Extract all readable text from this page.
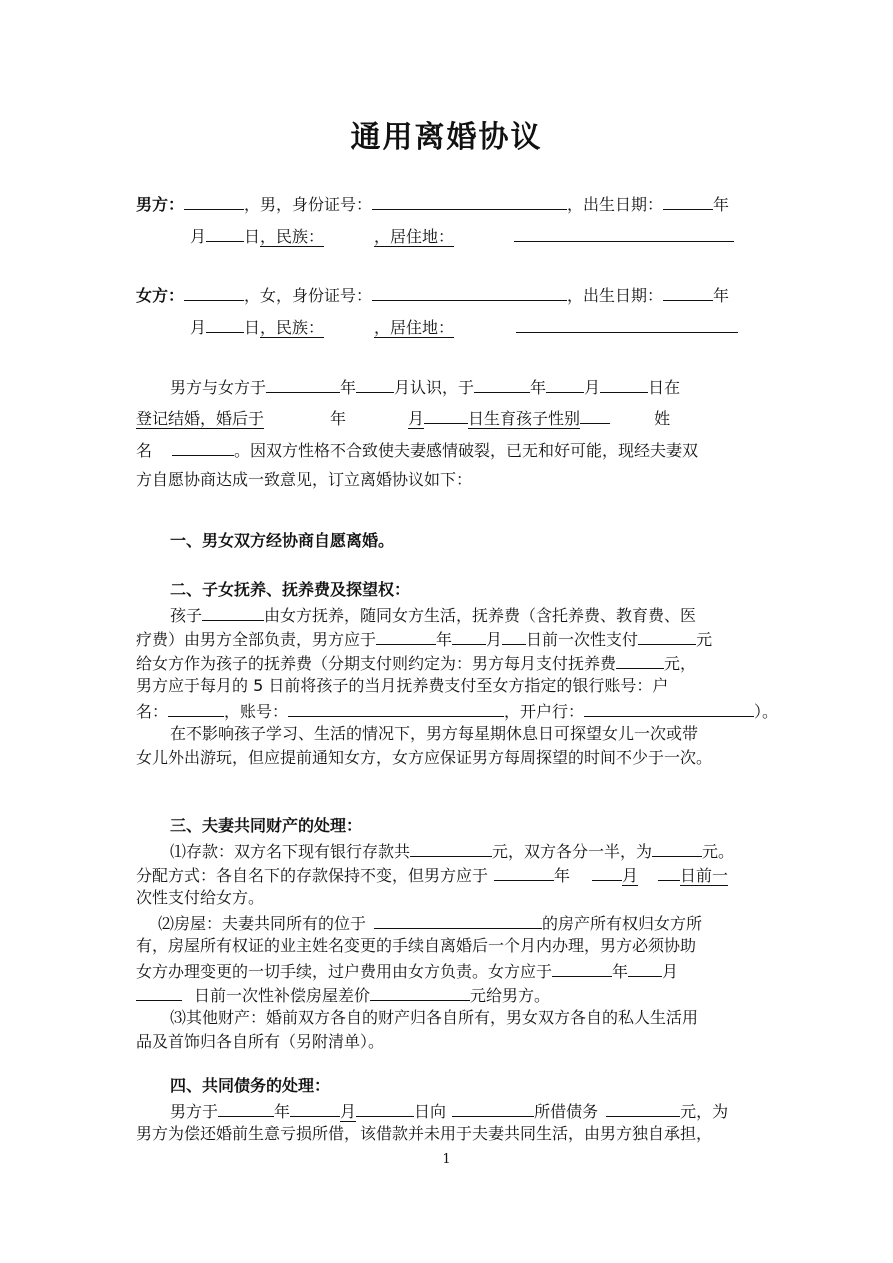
通用离婚协议
男方：	，男，身份证号：	，出生日期：	年
月 日，民族：	，居住地：
女方：	，女，身份证号：	，出生日期：	年
月 日，民族：	，居住地：
男方与女方于	年 月认识，于	年 月	日在
登记结婚，婚后于	年	月	日生育孩子性别	姓
名	。因双方性格不合致使夫妻感情破裂，已无和好可能，现经夫妻双
方自愿协商达成一致意见，订立离婚协议如下：
一、男女双方经协商自愿离婚。
二、子女抚养、抚养费及探望权：
孩子	由女方抚养，随同女方生活，抚养费（含托养费、教育费、医
疗费）由男方全部负责，男方应于	年 月 日前一次性支付	元
给女方作为孩子的抚养费（分期支付则约定为：男方每月支付抚养费	元，
男方应于每月的 5 日前将孩子的当月抚养费支付至女方指定的银行账号：户
名：	，账号：	，开户行：	）。
在不影响孩子学习、生活的情况下，男方每星期休息日可探望女儿一次或带
女儿外出游玩，但应提前通知女方，女方应保证男方每周探望的时间不少于一次。
三、夫妻共同财产的处理：
⑴存款：双方名下现有银行存款共	元，双方各分一半，为	元。
分配方式：各自名下的存款保持不变，但男方应于	年	月	日前一
次性支付给女方。
⑵房屋：夫妻共同所有的位于	的房产所有权归女方所
有，房屋所有权证的业主姓名变更的手续自离婚后一个月内办理，男方必须协助
女方办理变更的一切手续，过户费用由女方负责。女方应于	年 月
日前一次性补偿房屋差价	元给男方。
⑶其他财产：婚前双方各自的财产归各自所有，男女双方各自的私人生活用
品及首饰归各自所有（另附清单）。
四、共同债务的处理：
男方于	年	月	日向	所借债务	元，为
男方为偿还婚前生意亏损所借，该借款并未用于夫妻共同生活，由男方独自承担，
1
